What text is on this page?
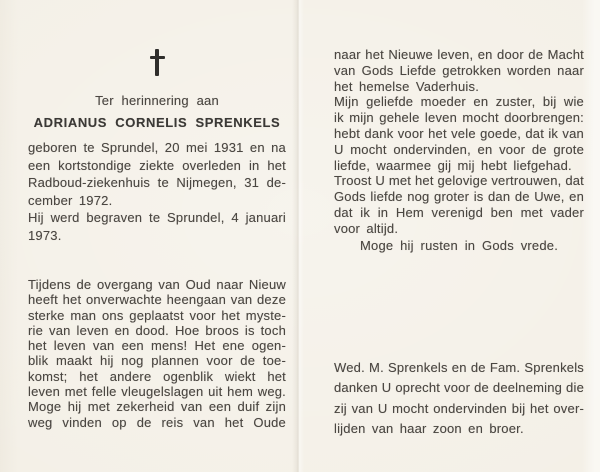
Ter herinnering aan
ADRIANUS CORNELIS SPRENKELS
geboren te Sprundel, 20 mei 1931 en na
een kortstondige ziekte overleden in het
Radboud-ziekenhuis te Nijmegen, 31 de-
cember 1972.
Hij werd begraven te Sprundel, 4 januari
1973.
Tijdens de overgang van Oud naar Nieuw
heeft het onverwachte heengaan van deze
sterke man ons geplaatst voor het myste-
rie van leven en dood. Hoe broos is toch
het leven van een mens! Het ene ogen-
blik maakt hij nog plannen voor de toe-
komst; het andere ogenblik wiekt het
leven met felle vleugelslagen uit hem weg.
Moge hij met zekerheid van een duif zijn
weg vinden op de reis van het Oude
naar het Nieuwe leven, en door de Macht
van Gods Liefde getrokken worden naar
het hemelse Vaderhuis.
Mijn geliefde moeder en zuster, bij wie
ik mijn gehele leven mocht doorbrengen:
hebt dank voor het vele goede, dat ik van
U mocht ondervinden, en voor de grote
liefde, waarmee gij mij hebt liefgehad.
Troost U met het gelovige vertrouwen, dat
Gods liefde nog groter is dan de Uwe, en
dat ik in Hem verenigd ben met vader
voor altijd.
Moge hij rusten in Gods vrede.
Wed. M. Sprenkels en de Fam. Sprenkels
danken U oprecht voor de deelneming die
zij van U mocht ondervinden bij het over-
lijden van haar zoon en broer.
